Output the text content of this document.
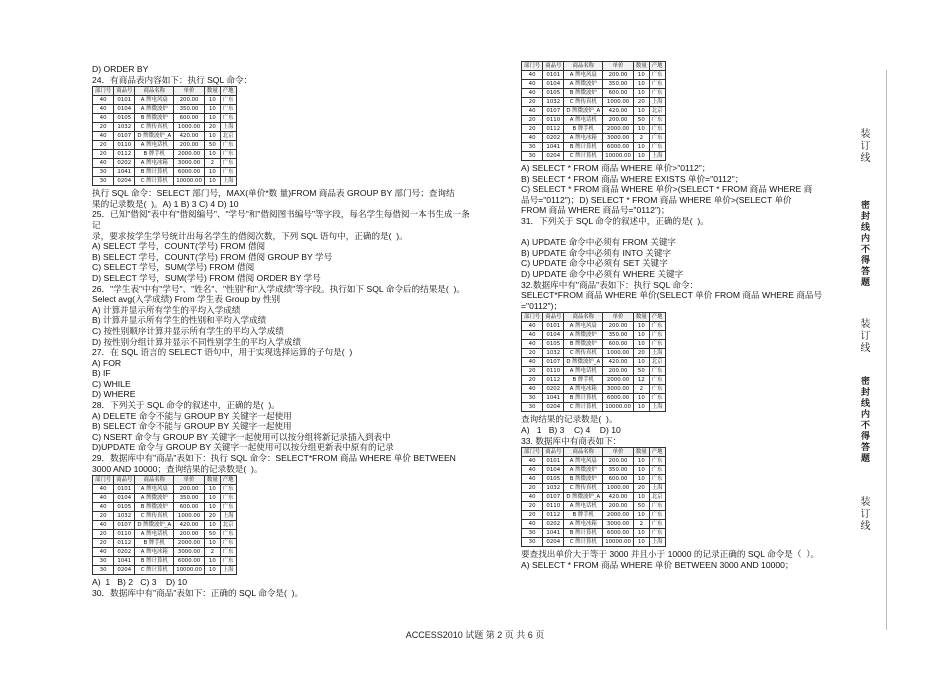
D) ORDER BY
24．有商品表内容如下：执行 SQL 命令：
部门号	商品号	商品名称	单价	数量	产地
40	0101	A 牌电风扇	200.00	10	广东
40	0104	A 牌微波炉	350.00	10	广东
40	0105	B 牌微波炉	600.00	10	广东
20	1032	C 牌传真机	1000.00	20	上海
40	0107	D 牌微波炉_A	420.00	10	北京
20	0110	A 牌电话机	200.00	50	广东
20	0112	B 牌手机	2000.00	10	广东
40	0202	A 牌电冰箱	3000.00	2	广东
30	1041	B 牌计算机	6000.00	10	广东
30	0204	C 牌计算机	10000.00	10	上海
执行 SQL 命令：SELECT 部门号，MAX(单价*数 量)FROM 商品表 GROUP BY 部门号；查询结
果的记录数是(  )。A) 1 B) 3 C) 4 D) 10
25．已知"借阅"表中有"借阅编号"、"学号"和"借阅图书编号"等字段，每名学生每借阅一本书生成一条记
录，要求按学生学号统计出每名学生的借阅次数，下列 SQL 语句中，正确的是(  )。
A) SELECT 学号，COUNT(学号) FROM 借阅
B) SELECT 学号，COUNT(学号) FROM 借阅 GROUP BY 学号
C) SELECT 学号，SUM(学号) FROM 借阅
D) SELECT 学号，SUM(学号) FROM 借阅 ORDER BY 学号
26．"学生表"中有"学号"、"姓名"、"性别"和"入学成绩"等字段。执行如下 SQL 命令后的结果是(  )。
Select avg(入学成绩) From 学生表 Group by 性别
A) 计算并显示所有学生的平均入学成绩
B) 计算并显示所有学生的性别和平均入学成绩
C) 按性别顺序计算并显示所有学生的平均入学成绩
D) 按性别分组计算并显示不同性别学生的平均入学成绩
27．在 SQL 语言的 SELECT 语句中，用于实现选择运算的子句是(  )
A) FOR
B) IF
C) WHILE
D) WHERE
28．下列关于 SQL 命令的叙述中，正确的是(  )。
A) DELETE 命令不能与 GROUP BY 关键字一起使用
B) SELECT 命令不能与 GROUP BY 关键字一起使用
C) NSERT 命令与 GROUP BY 关键字一起使用可以按分组将新记录插入到表中
D)UPDATE 命令与 GROUP BY 关键字一起使用可以按分组更新表中原有的记录
29．数据库中有"商品"表如下：执行 SQL 命令：SELECT*FROM 商品 WHERE 单价 BETWEEN
3000 AND 10000；查询结果的记录数是(  )。
部门号	商品号	商品名称	单价	数量	产地
40	0101	A 牌电风扇	200.00	10	广东
40	0104	A 牌微波炉	350.00	10	广东
40	0105	B 牌微波炉	600.00	10	广东
20	1032	C 牌传真机	1000.00	20	上海
40	0107	D 牌微波炉_A	420.00	10	北京
20	0110	A 牌电话机	200.00	50	广东
20	0112	B 牌手机	2000.00	10	广东
40	0202	A 牌电冰箱	3000.00	2	广东
30	1041	B 牌计算机	6000.00	10	广东
30	0204	C 牌计算机	10000.00	10	上海
A)  1   B) 2   C) 3    D) 10
30．数据库中有"商品"表如下：正确的 SQL 命令是(  )。
部门号	商品号	商品名称	单价	数量	产地
40	0101	A 牌电风扇	200.00	10	广东
40	0104	A 牌微波炉	350.00	10	广东
40	0105	B 牌微波炉	600.00	10	广东
20	1032	C 牌传真机	1000.00	20	上海
40	0107	D 牌微波炉_A	420.00	10	北京
20	0110	A 牌电话机	200.00	50	广东
20	0112	B 牌手机	2000.00	10	广东
40	0202	A 牌电冰箱	3000.00	2	广东
30	1041	B 牌计算机	6000.00	10	广东
30	0204	C 牌计算机	10000.00	10	上海
A) SELECT * FROM 商品 WHERE 单价>"0112"；
B) SELECT * FROM 商品 WHERE EXISTS 单价="0112"；
C) SELECT * FROM 商品 WHERE 单价>(SELECT * FROM 商品 WHERE 商
品号="0112")；D) SELECT * FROM 商品 WHERE 单价>(SELECT 单价
FROM 商品 WHERE 商品号="0112")；
31．下列关于 SQL 命令的叙述中，正确的是(  )。
A) UPDATE 命令中必须有 FROM 关键字
B) UPDATE 命令中必须有 INTO 关键字
C) UPDATE 命令中必须有 SET 关键字
D) UPDATE 命令中必须有 WHERE 关键字
32.数据库中有"商品"表如下：执行 SQL 命令：
SELECT*FROM 商品 WHERE 单价(SELECT 单价 FROM 商品 WHERE 商品号
="0112")；
部门号	商品号	商品名称	单价	数量	产地
40	0101	A 牌电风扇	200.00	10	广东
40	0104	A 牌微波炉	350.00	10	广东
40	0105	B 牌微波炉	600.00	10	广东
20	1032	C 牌传真机	1000.00	20	上海
40	0107	D 牌微波炉_A	420.00	10	北京
20	0110	A 牌电话机	200.00	50	广东
20	0112	B 牌手机	2000.00	12	广东
40	0202	A 牌电冰箱	3000.00	2	广东
30	1041	B 牌计算机	6000.00	10	广东
30	0204	C 牌计算机	10000.00	10	上海
查询结果的记录数是(  )。
A)   1   B) 3    C) 4    D) 10
33. 数据库中有商表如下：
部门号	商品号	商品名称	单价	数量	产地
40	0101	A 牌电风扇	200.00	10	广东
40	0104	A 牌微波炉	350.00	10	广东
40	0105	B 牌微波炉	600.00	10	广东
20	1032	C 牌传真机	1000.00	20	上海
40	0107	D 牌微波炉_A	420.00	10	北京
20	0110	A 牌电话机	200.00	50	广东
20	0112	B 牌手机	2000.00	10	广东
40	0202	A 牌电冰箱	3000.00	2	广东
30	1041	B 牌计算机	6000.00	10	广东
30	0204	C 牌计算机	10000.00	10	上海
要查找出单价大于等于 3000 并且小于 10000 的记录正确的 SQL 命令是（  ）。
A) SELECT * FROM 商品 WHERE 单价 BETWEEN 3000 AND 10000；
ACCESS2010 试题 第 2 页 共 6 页
装订线
密封线内不得答题
装订线
密封线内不得答题
装订线
